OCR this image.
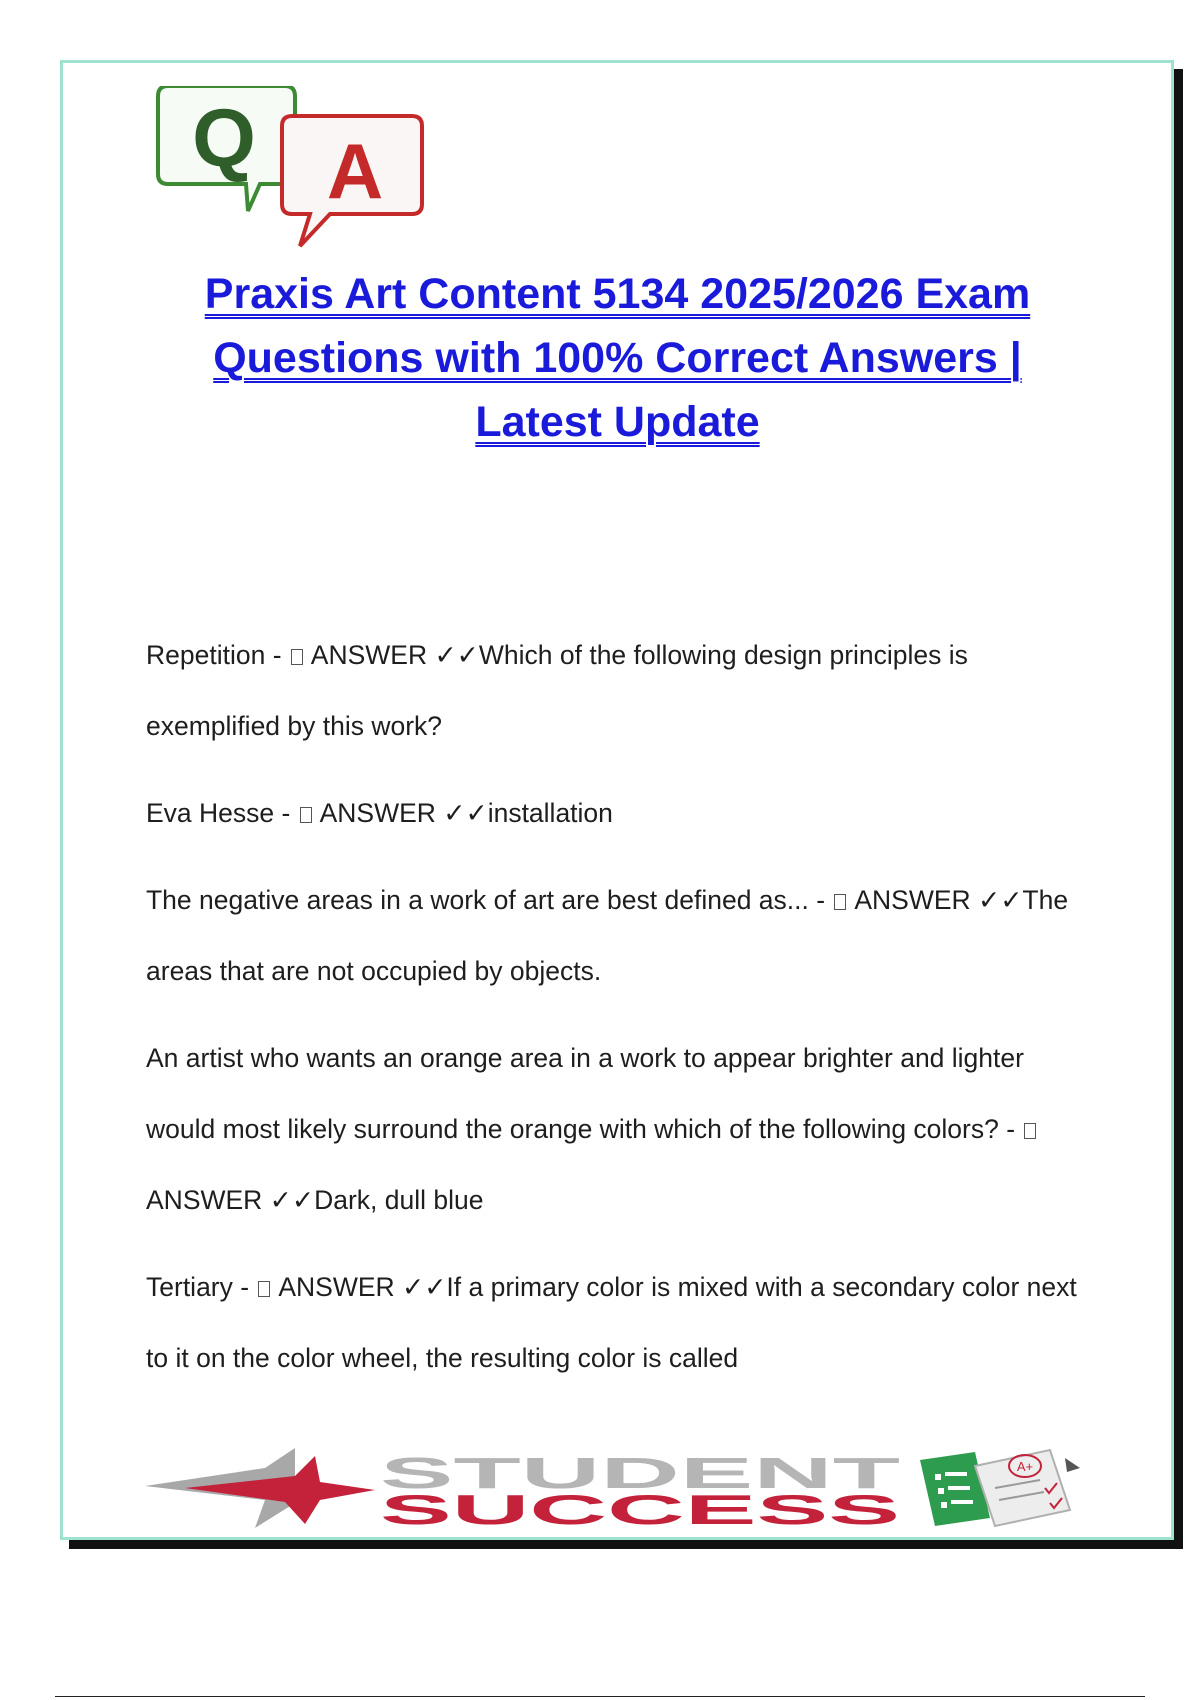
Q A
Praxis Art Content 5134 2025/2026 Exam
Questions with 100% Correct Answers |
Latest Update

Repetition -  ANSWER ✓✓Which of the following design principles is exemplified by this work?

Eva Hesse -  ANSWER ✓✓installation

The negative areas in a work of art are best defined as... -  ANSWER ✓✓The areas that are not occupied by objects.

An artist who wants an orange area in a work to appear brighter and lighter would most likely surround the orange with which of the following colors? -  ANSWER ✓✓Dark, dull blue

Tertiary -  ANSWER ✓✓If a primary color is mixed with a secondary color next to it on the color wheel, the resulting color is called

STUDENT
SUCCESS
A+
